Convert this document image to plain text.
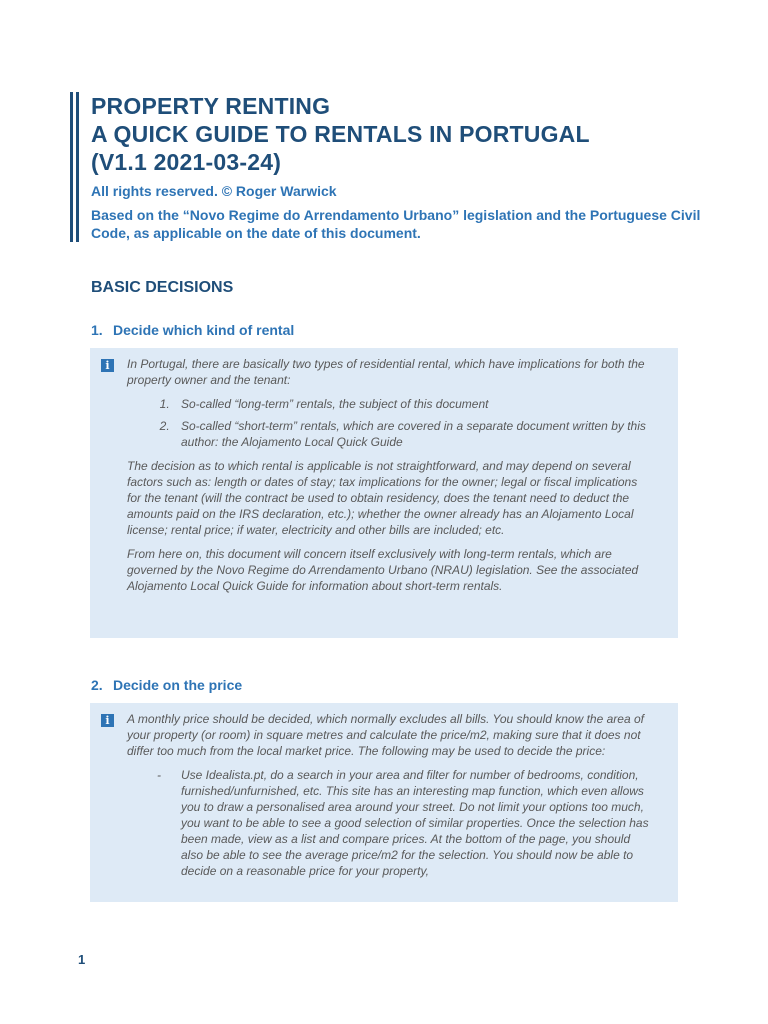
PROPERTY RENTING

A QUICK GUIDE TO RENTALS IN PORTUGAL

(V1.1 2021-03-24)

All rights reserved. © Roger Warwick

Based on the “Novo Regime do Arrendamento Urbano” legislation and the Portuguese Civil Code, as applicable on the date of this document.

BASIC DECISIONS
1. Decide which kind of rental
i	In Portugal, there are basically two types of residential rental, which have implications for both the property owner and the tenant:

1. So-called “long-term” rentals, the subject of this document
2. So-called “short-term” rentals, which are covered in a separate document written by this author: the Alojamento Local Quick Guide

The decision as to which rental is applicable is not straightforward, and may depend on several factors such as: length or dates of stay; tax implications for the owner; legal or fiscal implications for the tenant (will the contract be used to obtain residency, does the tenant need to deduct the amounts paid on the IRS declaration, etc.); whether the owner already has an Alojamento Local license; rental price; if water, electricity and other bills are included; etc.

From here on, this document will concern itself exclusively with long-term rentals, which are governed by the Novo Regime do Arrendamento Urbano (NRAU) legislation. See the associated Alojamento Local Quick Guide for information about short-term rentals.

2. Decide on the price
i	A monthly price should be decided, which normally excludes all bills. You should know the area of your property (or room) in square metres and calculate the price/m2, making sure that it does not differ too much from the local market price. The following may be used to decide the price:

- Use Idealista.pt, do a search in your area and filter for number of bedrooms, condition, furnished/unfurnished, etc. This site has an interesting map function, which even allows you to draw a personalised area around your street. Do not limit your options too much, you want to be able to see a good selection of similar properties. Once the selection has been made, view as a list and compare prices. At the bottom of the page, you should also be able to see the average price/m2 for the selection. You should now be able to decide on a reasonable price for your property,
1
